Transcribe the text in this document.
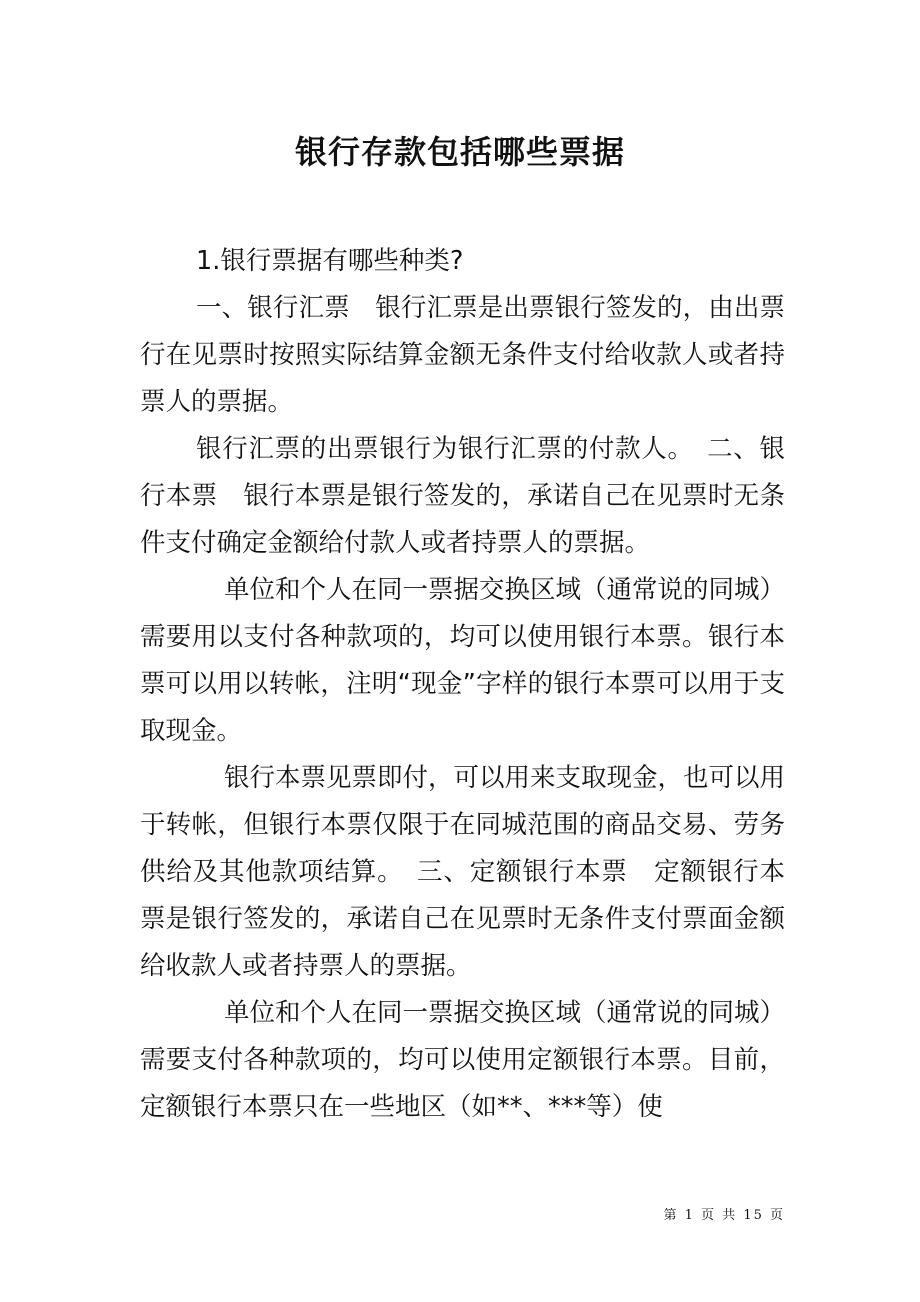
银行存款包括哪些票据

1.银行票据有哪些种类?

一、银行汇票　银行汇票是出票银行签发的，由出票行在见票时按照实际结算金额无条件支付给收款人或者持票人的票据。

银行汇票的出票银行为银行汇票的付款人。　二、银行本票　银行本票是银行签发的，承诺自己在见票时无条件支付确定金额给付款人或者持票人的票据。

单位和个人在同一票据交换区域（通常说的同城）需要用以支付各种款项的，均可以使用银行本票。银行本票可以用以转帐，注明“现金”字样的银行本票可以用于支取现金。

银行本票见票即付，可以用来支取现金，也可以用于转帐，但银行本票仅限于在同城范围的商品交易、劳务供给及其他款项结算。　三、定额银行本票　定额银行本票是银行签发的，承诺自己在见票时无条件支付票面金额给收款人或者持票人的票据。

单位和个人在同一票据交换区域（通常说的同城）需要支付各种款项的，均可以使用定额银行本票。目前，定额银行本票只在一些地区（如**、***等）使

第 1 页 共 15 页
